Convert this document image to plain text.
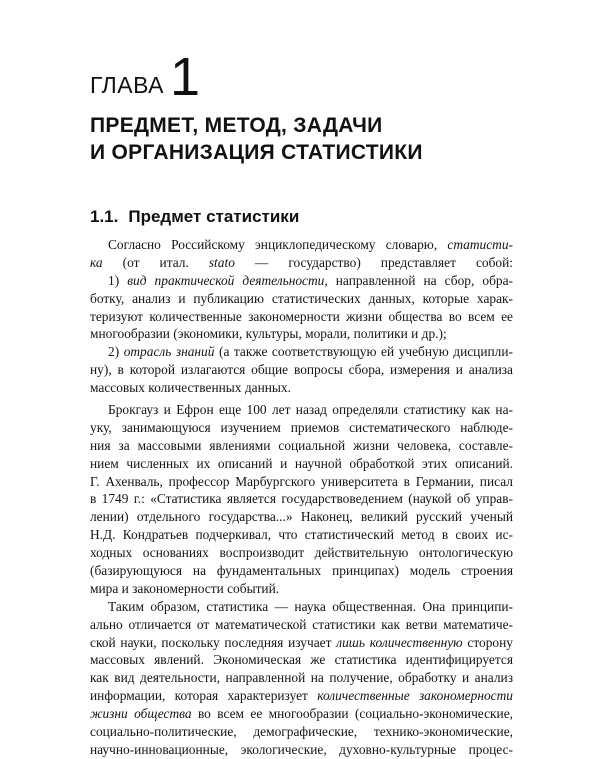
ГЛАВА 1
ПРЕДМЕТ, МЕТОД, ЗАДАЧИ
И ОРГАНИЗАЦИЯ СТАТИСТИКИ
1.1. Предмет статистики
Согласно Российскому энциклопедическому словарю, статисти-
ка (от итал. stato — государство) представляет собой:
1) вид практической деятельности, направленной на сбор, обра-
ботку, анализ и публикацию статистических данных, которые харак-
теризуют количественные закономерности жизни общества во всем ее
многообразии (экономики, культуры, морали, политики и др.);
2) отрасль знаний (а также соответствующую ей учебную дисципли-
ну), в которой излагаются общие вопросы сбора, измерения и анализа
массовых количественных данных.
Брокгауз и Ефрон еще 100 лет назад определяли статистику как на-
уку, занимающуюся изучением приемов систематического наблюде-
ния за массовыми явлениями социальной жизни человека, составле-
нием численных их описаний и научной обработкой этих описаний.
Г. Ахенваль, профессор Марбургского университета в Германии, писал
в 1749 г.: «Статистика является государствоведением (наукой об управ-
лении) отдельного государства...» Наконец, великий русский ученый
Н.Д. Кондратьев подчеркивал, что статистический метод в своих ис-
ходных основаниях воспроизводит действительную онтологическую
(базирующуюся на фундаментальных принципах) модель строения
мира и закономерности событий.
Таким образом, статистика — наука общественная. Она принципи-
ально отличается от математической статистики как ветви математиче-
ской науки, поскольку последняя изучает лишь количественную сторону
массовых явлений. Экономическая же статистика идентифицируется
как вид деятельности, направленной на получение, обработку и анализ
информации, которая характеризует количественные закономерности
жизни общества во всем ее многообразии (социально-экономические,
социально-политические, демографические, технико-экономические,
научно-инновационные, экологические, духовно-культурные процес-
